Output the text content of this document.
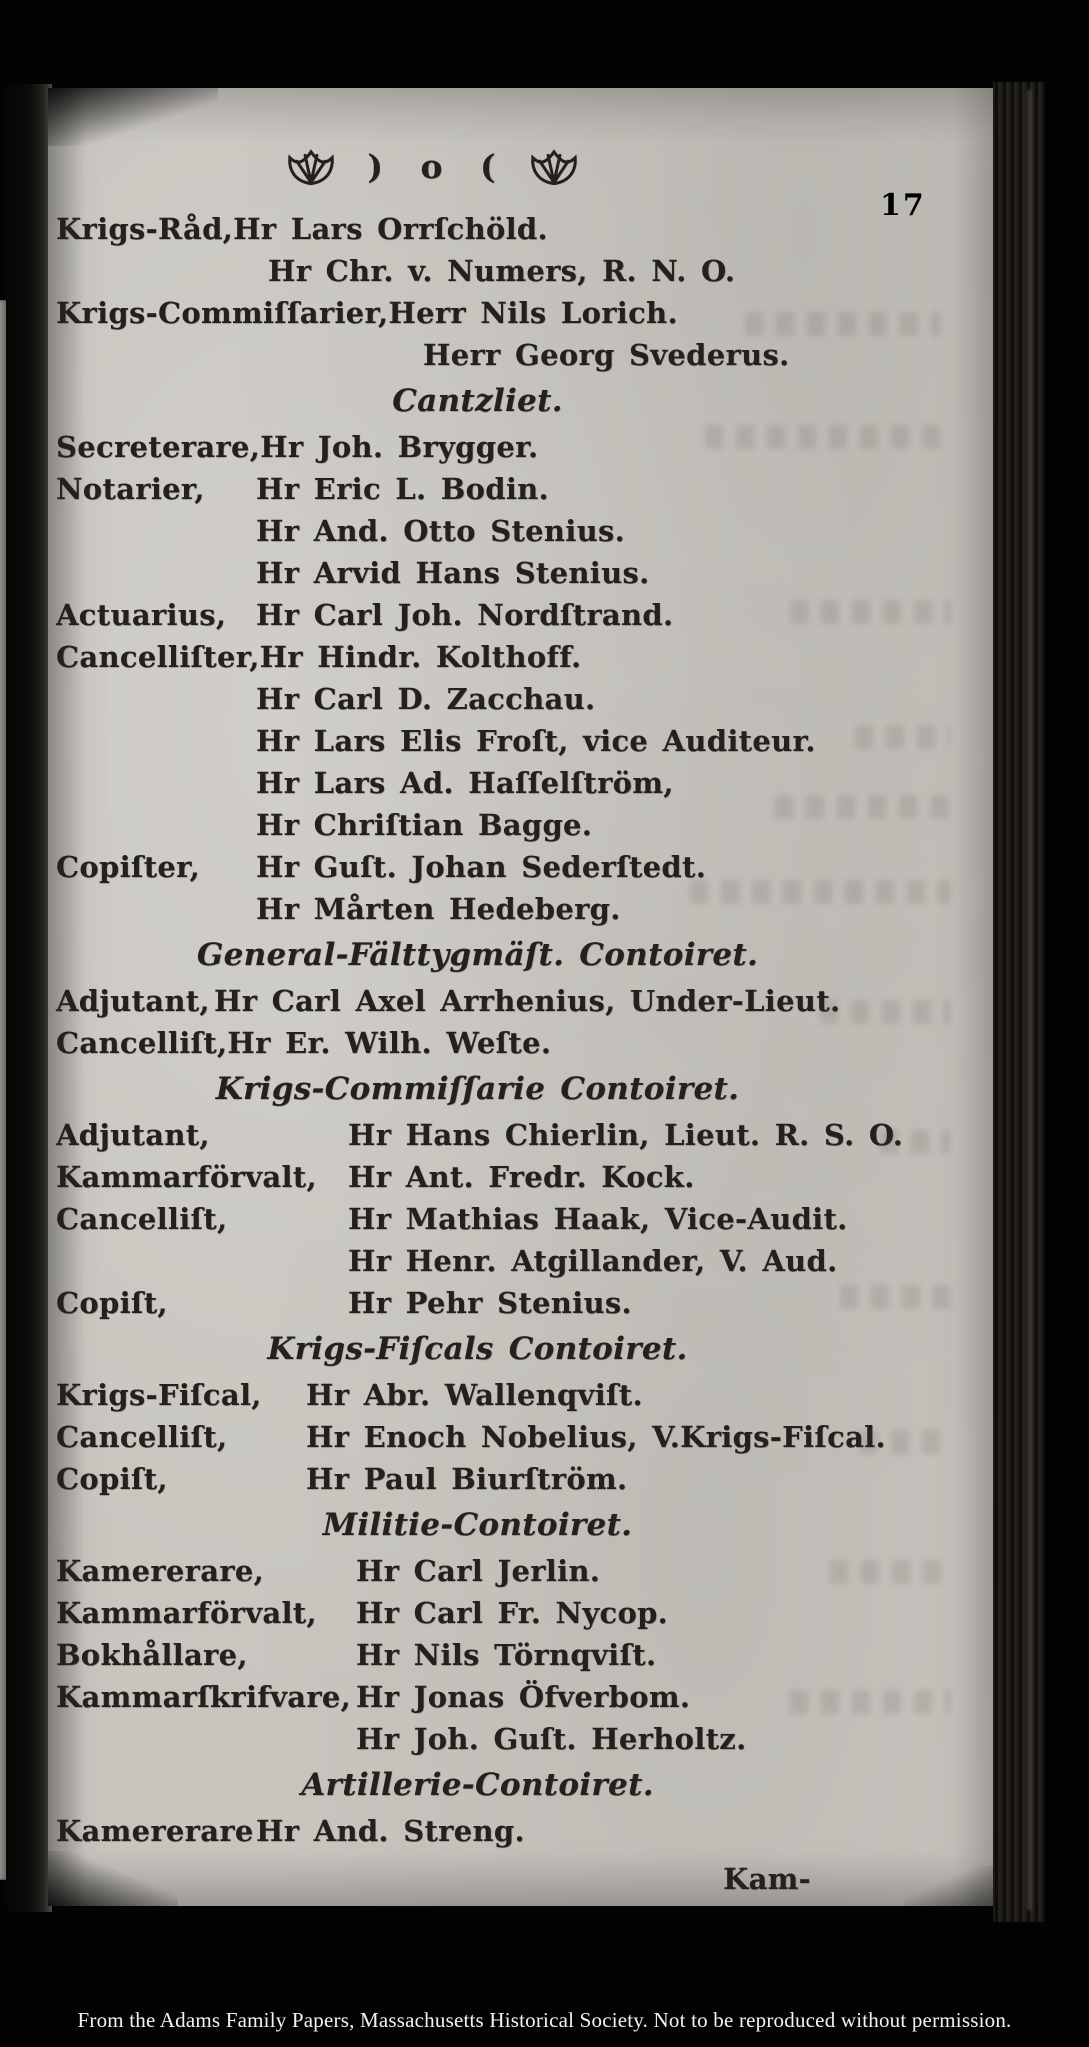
) o (
Krigs-Råd, Hr Lars Orrſchöld.
Hr Chr. v. Numers, R. N. O.
Krigs-Commiſſarier, Herr Nils Lorich.
Herr Georg Svederus.
Cantzliet.
Secreterare, Hr Joh. Brygger.
Notarier,	Hr Eric L. Bodin.
Hr And. Otto Stenius.
Hr Arvid Hans Stenius.
Actuarius,	Hr Carl Joh. Nordſtrand.
Cancelliſter, Hr Hindr. Kolthoff.
Hr Carl D. Zacchau.
Hr Lars Elis Froſt, vice Auditeur.
Hr Lars Ad. Haſſelſtröm,
Hr Chriſtian Bagge.
Copiſter,	Hr Guſt. Johan Sederſtedt.
Hr Mårten Hedeberg.
General-Fälttygmäſt. Contoiret.
Adjutant, Hr Carl Axel Arrhenius, Under-Lieut.
Cancelliſt, Hr Er. Wilh. Weſte.
Krigs-Commiſſarie Contoiret.
Adjutant,	Hr Hans Chierlin, Lieut. R. S. O.
Kammarförvalt,	Hr Ant. Fredr. Kock.
Cancelliſt,	Hr Mathias Haak, Vice-Audit.
Hr Henr. Atgillander, V. Aud.
Copiſt,	Hr Pehr Stenius.
Krigs-Fiſcals Contoiret.
Krigs-Fiſcal,	Hr Abr. Wallenqviſt.
Cancelliſt,	Hr Enoch Nobelius, V.Krigs-Fiſcal.
Copiſt,	Hr Paul Biurſtröm.
Militie-Contoiret.
Kamererare,	Hr Carl Jerlin.
Kammarförvalt,	Hr Carl Fr. Nycop.
Bokhållare,	Hr Nils Törnqviſt.
Kammarſkrifvare, Hr Jonas Öfverbom.
Hr Joh. Guſt. Herholtz.
Artillerie-Contoiret.
Kamererare Hr And. Streng.
Kam-
17
From the Adams Family Papers, Massachusetts Historical Society. Not to be reproduced without permission.
